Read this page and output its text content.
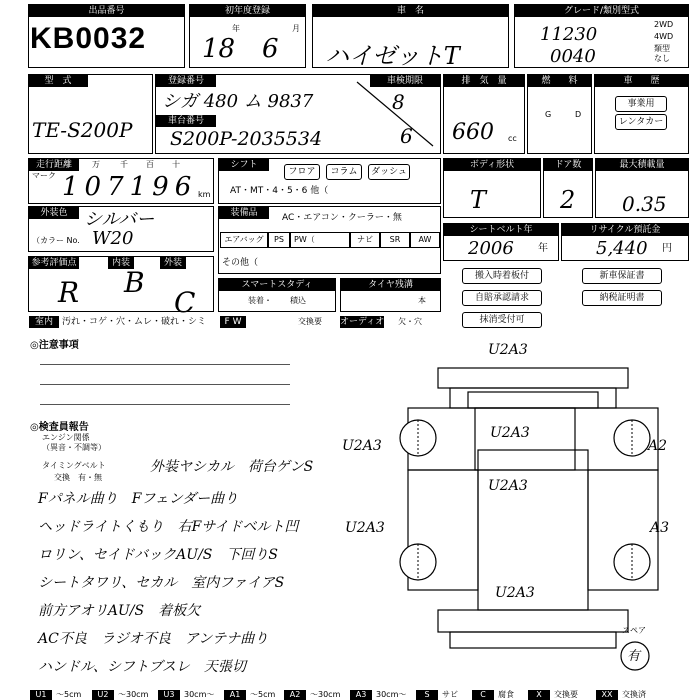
KB0032
出品番号	初年度登録
年	月
18 6
車　名
ハイゼットT
グレード/類別型式
11230
0040
2WD
4WD
類型
なし
型　式
TE-S200P
登録番号
シガ 480 ム 9837
車台番号
S200P-2035534
車検期限
8
6
排　気　量
660 cc
燃　　料
G	D
車　　歴
事業用
レンタカー
走行距離
マーク 107196
万	千 百 十
km
シフト
フロア	コラム	ダッシュ
AT・MT・4・5・6 他（
ボディ形状
T
ドア数
2
最大積載量
0.35
外装色 シルバー
（カラー No. W20
装備品	AC・エアコン・クーラー・無
エアバッグ	PS	PW（	ナビ	SR	AW
その他（
シートベルト年
2006 年
リサイクル預託金
5,440 円
参考評価点	内装	外装
R B
C
スマートスタディ
装着・ 積込
タイヤ残溝
本
搬入時着板付	新車保証書
自賠承認請求	納税証明書
抹消受付可
室内	汚れ・コゲ・穴・ムレ・破れ・シミ	F W	交換要 オーディオ 欠・穴
◎注意事項
◎検査員報告
エンジン関係
（異音・不調等）
タイミングベルト
交換　有・無
外装ヤシカル　荷台ゲンS
Fパネル曲り　Fフェンダー曲り
ヘッドライトくもり　右Fサイドベルト凹
ロリン、セイドバックAU/S　下回りS
シートタワリ、セカル　室内ファイアS
前方アオリAU/S　着板欠
AC不良　ラジオ不良　アンテナ曲り
ハンドル、シフトブスレ　天張切
U2A3
U2A3
U2A3
A2
U2A3
A3
U2A3
U2A3
スペア
有
U1	～5cm	U2	～30cm	U3	30cm～	A1	～5cm	A2	～30cm	A3	30cm～	S	サビ	C	腐食	X	交換要	XX	交換済
